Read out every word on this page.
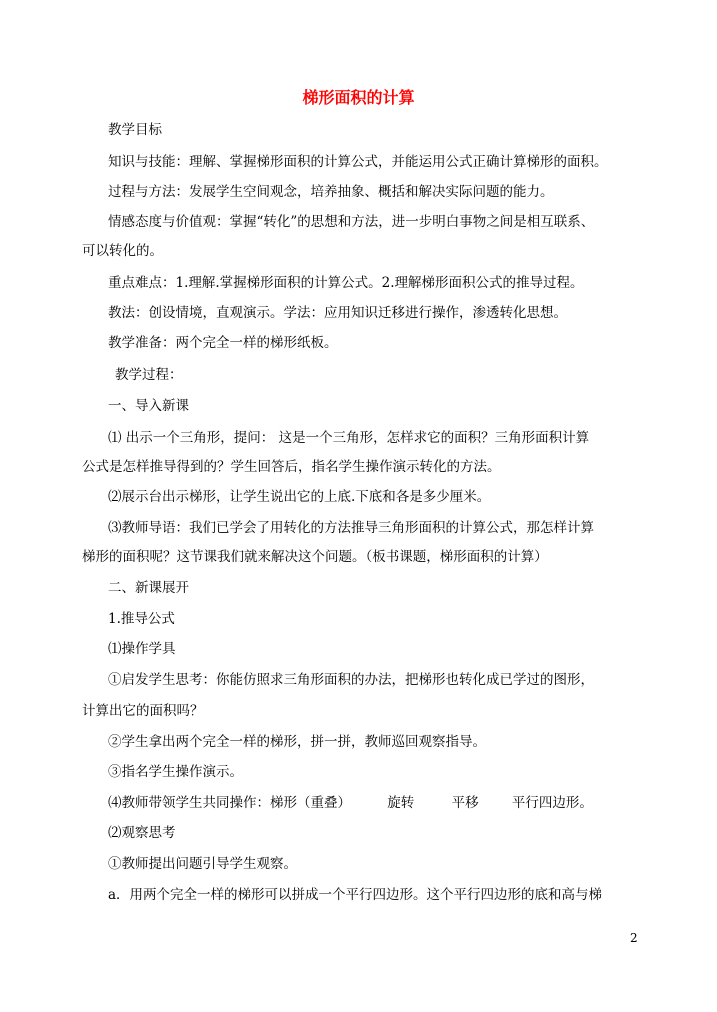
梯形面积的计算
教学目标
知识与技能：理解、掌握梯形面积的计算公式，并能运用公式正确计算梯形的面积。
过程与方法：发展学生空间观念，培养抽象、概括和解决实际问题的能力。
情感态度与价值观：掌握“转化”的思想和方法，进一步明白事物之间是相互联系、
可以转化的。
重点难点：1.理解.掌握梯形面积的计算公式。2.理解梯形面积公式的推导过程。
教法：创设情境，直观演示。学法：应用知识迁移进行操作，渗透转化思想。
教学准备：两个完全一样的梯形纸板。
教学过程：
一、导入新课
⑴ 出示一个三角形，提问： 这是一个三角形，怎样求它的面积？三角形面积计算
公式是怎样推导得到的？学生回答后，指名学生操作演示转化的方法。
⑵展示台出示梯形，让学生说出它的上底.下底和各是多少厘米。
⑶教师导语：我们已学会了用转化的方法推导三角形面积的计算公式，那怎样计算
梯形的面积呢？这节课我们就来解决这个问题。（板书课题，梯形面积的计算）
二、新课展开
1.推导公式
⑴操作学具
①启发学生思考：你能仿照求三角形面积的办法，把梯形也转化成已学过的图形，
计算出它的面积吗？
②学生拿出两个完全一样的梯形，拼一拼，教师巡回观察指导。
③指名学生操作演示。
⑷教师带领学生共同操作：梯形（重叠）	旋转	平移 平行四边形。
⑵观察思考
①教师提出问题引导学生观察。
a．用两个完全一样的梯形可以拼成一个平行四边形。这个平行四边形的底和高与梯
2
